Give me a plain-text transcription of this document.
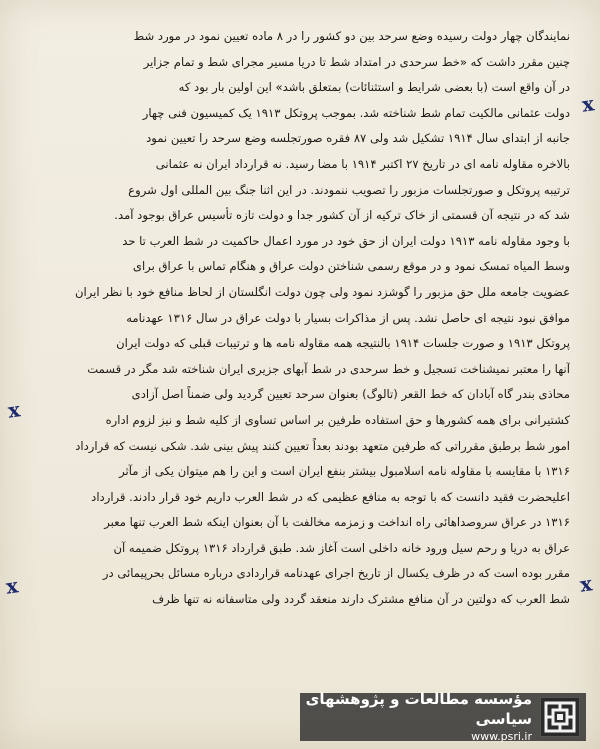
نمایندگان چهار دولت رسیده وضع سرحد بین دو کشور را در ۸ ماده تعیین نمود در مورد شط
چنین مقرر داشت که «خط سرحدی در امتداد شط تا دریا مسیر مجرای شط و تمام جزایر
در آن واقع است (با بعضی شرایط و استثنائات) بمتعلق باشد» این اولین بار بود که
دولت عثمانی مالکیت تمام شط شناخته شد. بموجب پروتکل ۱۹۱۳ یک کمیسیون فنی چهار
جانبه از ابتدای سال ۱۹۱۴ تشکیل شد ولی ۸۷ فقره صورتجلسه وضع سرحد را تعیین نمود
بالاخره مقاوله نامه ای در تاریخ ۲۷ اکتبر ۱۹۱۴ با مضا رسید. نه قرارداد ایران نه عثمانی
ترتیبه پروتکل و صورتجلسات مزبور را تصویب ننمودند. در این اثنا جنگ بین المللی اول شروع
شد که در نتیجه آن قسمتی از خاک ترکیه از آن کشور جدا و دولت تازه تأسیس عراق بوجود آمد.
با وجود مقاوله نامه ۱۹۱۳ دولت ایران از حق خود در مورد اعمال حاکمیت در شط العرب تا حد
وسط المیاه تمسک نمود و در موقع رسمی شناختن دولت عراق و هنگام تماس با عراق برای
عضویت جامعه ملل حق مزبور را گوشزد نمود ولی چون دولت انگلستان از لحاظ منافع خود با نظر ایران
موافق نبود نتیجه ای حاصل نشد. پس از مذاکرات بسیار با دولت عراق در سال ۱۳۱۶ عهدنامه
پروتکل ۱۹۱۳ و صورت جلسات ۱۹۱۴ بالنتیجه همه مقاوله نامه ها و ترتیبات قبلی که دولت ایران
آنها را معتبر نمیشناخت تسجیل و خط سرحدی در شط آبهای جزیری ایران شناخته شد مگر در قسمت
محاذی بندر گاه آبادان که خط القعر (تالوگ) بعنوان سرحد تعیین گردید ولی ضمناً اصل آزادی
کشتیرانی برای همه کشورها و حق استفاده طرفین بر اساس تساوی از کلیه شط و نیز لزوم اداره
امور شط برطبق مقرراتی که طرفین متعهد بودند بعداً تعیین کنند پیش بینی شد. شکی نیست که قرارداد
۱۳۱۶ با مقایسه با مقاوله نامه اسلامبول بیشتر بنفع ایران است و این را هم میتوان یکی از مآثر
اعلیحضرت فقید دانست که با توجه به منافع عظیمی که در شط العرب داریم خود قرار دادند. قرارداد
۱۳۱۶ در عراق سروصداهائی راه انداخت و زمزمه مخالفت با آن بعنوان اینکه شط العرب تنها معبر
عراق به دریا و رحم سیل ورود خانه داخلی است آغاز شد. طبق قرارداد ۱۳۱۶ پروتکل ضمیمه آن
مقرر بوده است که در ظرف یکسال از تاریخ اجرای عهدنامه قراردادی درباره مسائل بحرپیمائی در
شط العرب که دولتین در آن منافع مشترک دارند منعقد گردد ولی متاسفانه نه تنها ظرف
x
x
x
x
مؤسسه مطالعات و پژوهشهای سیاسی
www.psri.ir
